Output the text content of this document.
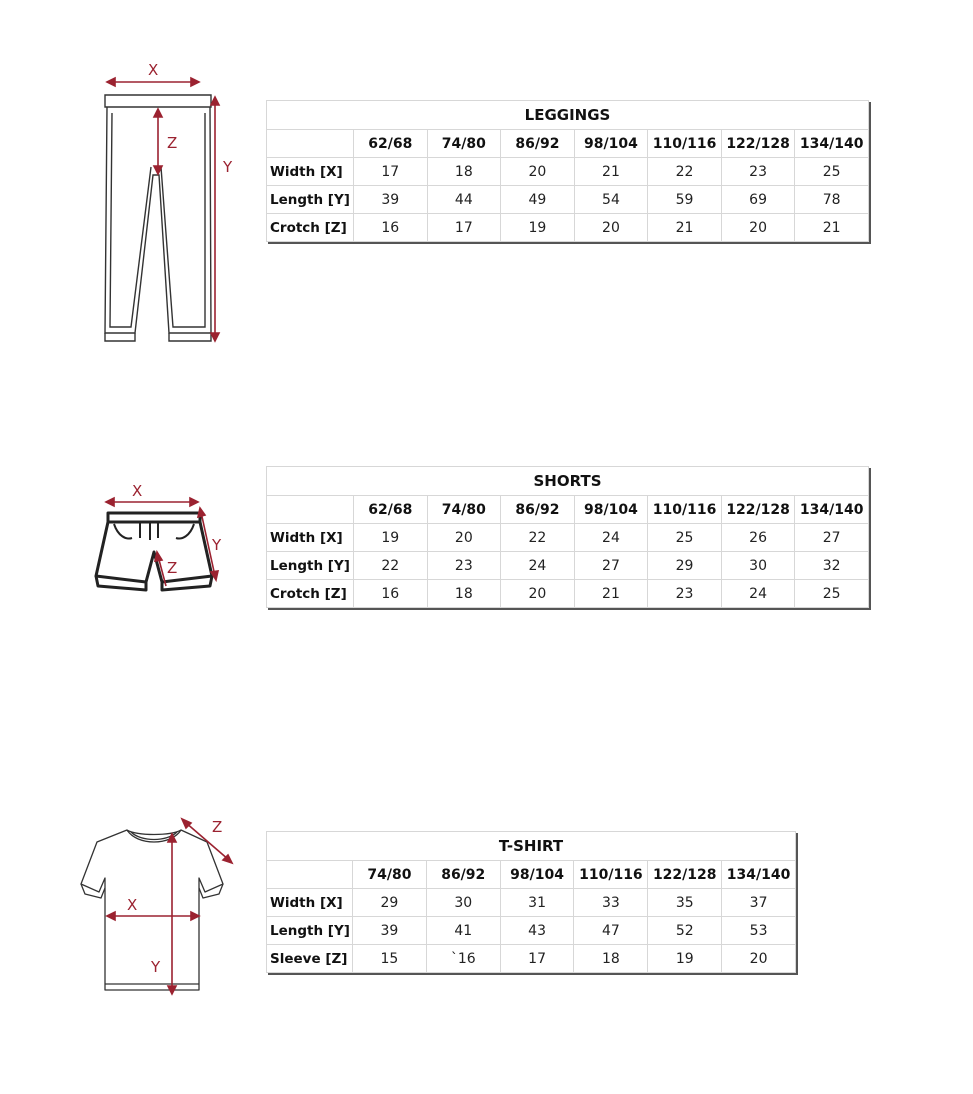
X
Z
Y
LEGGINGS							
	62/68	74/80	86/92	98/104	110/116	122/128	134/140
Width [X]	17	18	20	21	22	23	25
Length [Y]	39	44	49	54	59	69	78
Crotch [Z]	16	17	19	20	21	20	21
X
Y
Z
SHORTS							
	62/68	74/80	86/92	98/104	110/116	122/128	134/140
Width [X]	19	20	22	24	25	26	27
Length [Y]	22	23	24	27	29	30	32
Crotch [Z]	16	18	20	21	23	24	25
X
Y
Z
T-SHIRT						
	74/80	86/92	98/104	110/116	122/128	134/140
Width [X]	29	30	31	33	35	37
Length [Y]	39	41	43	47	52	53
Sleeve [Z]	15	`16	17	18	19	20
